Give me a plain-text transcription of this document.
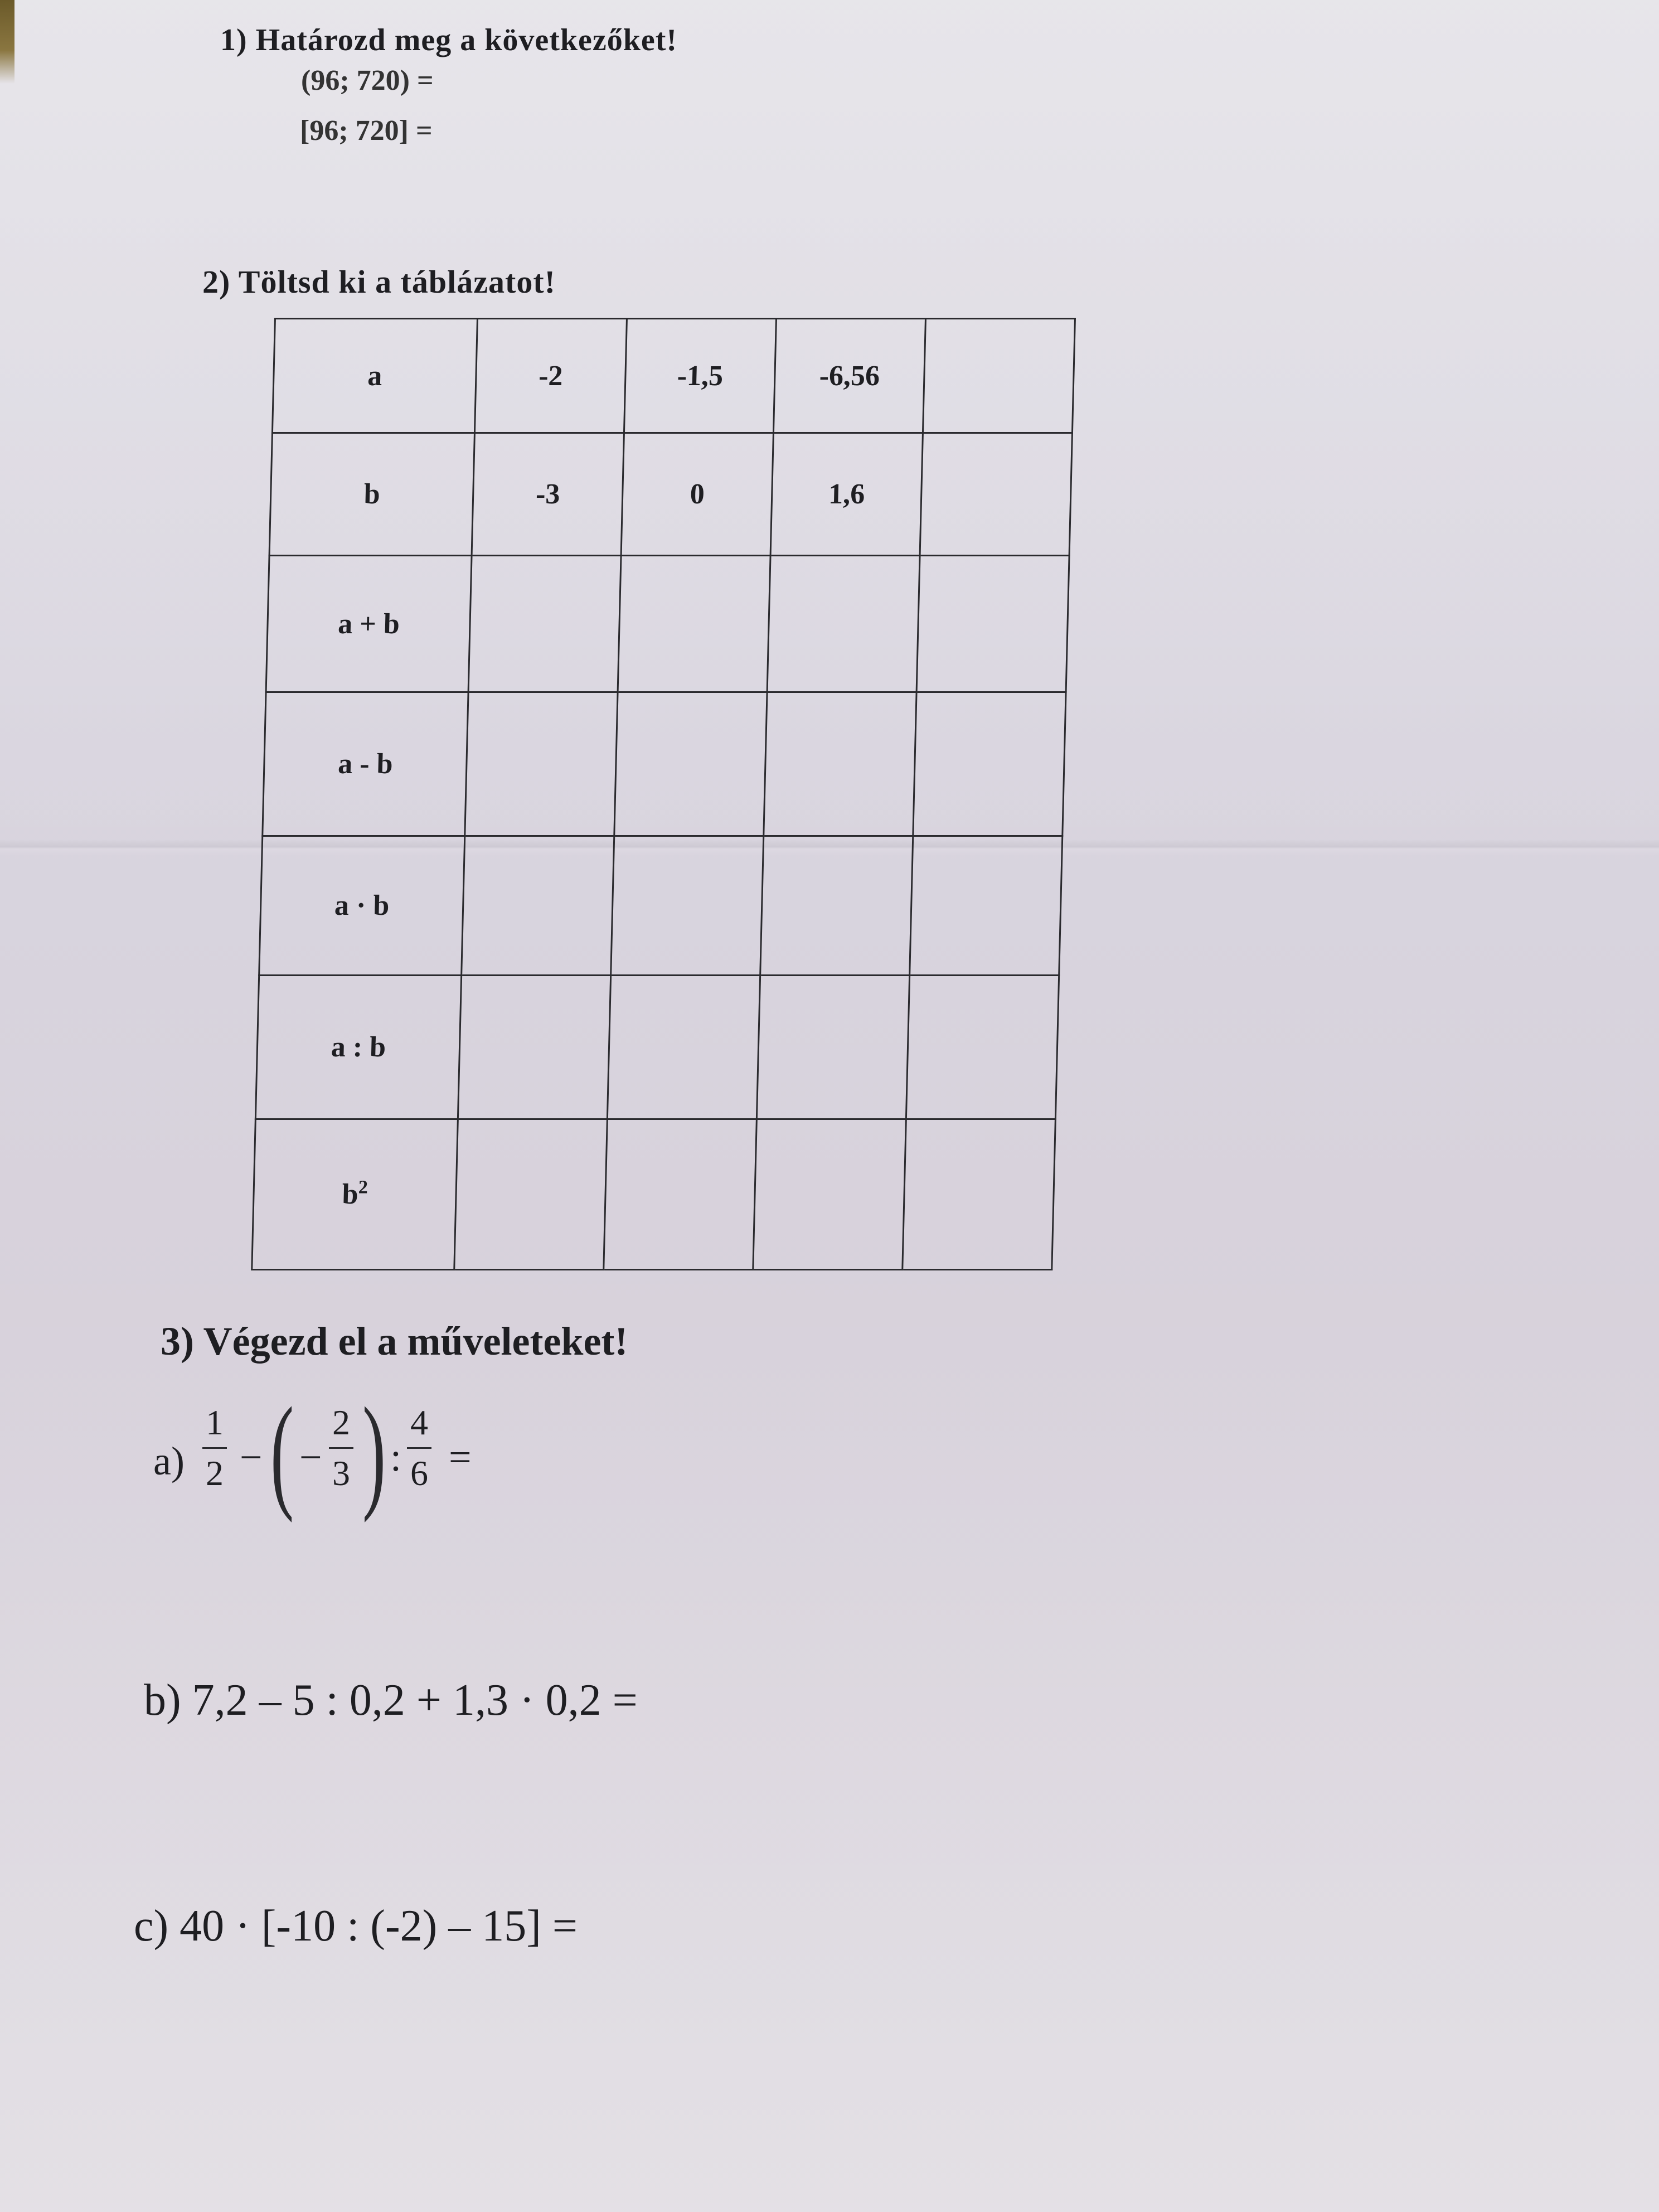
1) Határozd meg a következőket!
(96; 720) =
[96; 720] =
2) Töltsd ki a táblázatot!
a	-2	-1,5	-6,56	
b	-3	0	1,6	
a + b				
a - b				
a · b				
a : b				
$b^2$				
3) Végezd el a műveleteket!
a)
1
2 − ( −
2
3 ) :
4
6 =
b) 7,2 – 5 : 0,2 + 1,3 · 0,2 =
c) 40 · [-10 : (-2) – 15] =
